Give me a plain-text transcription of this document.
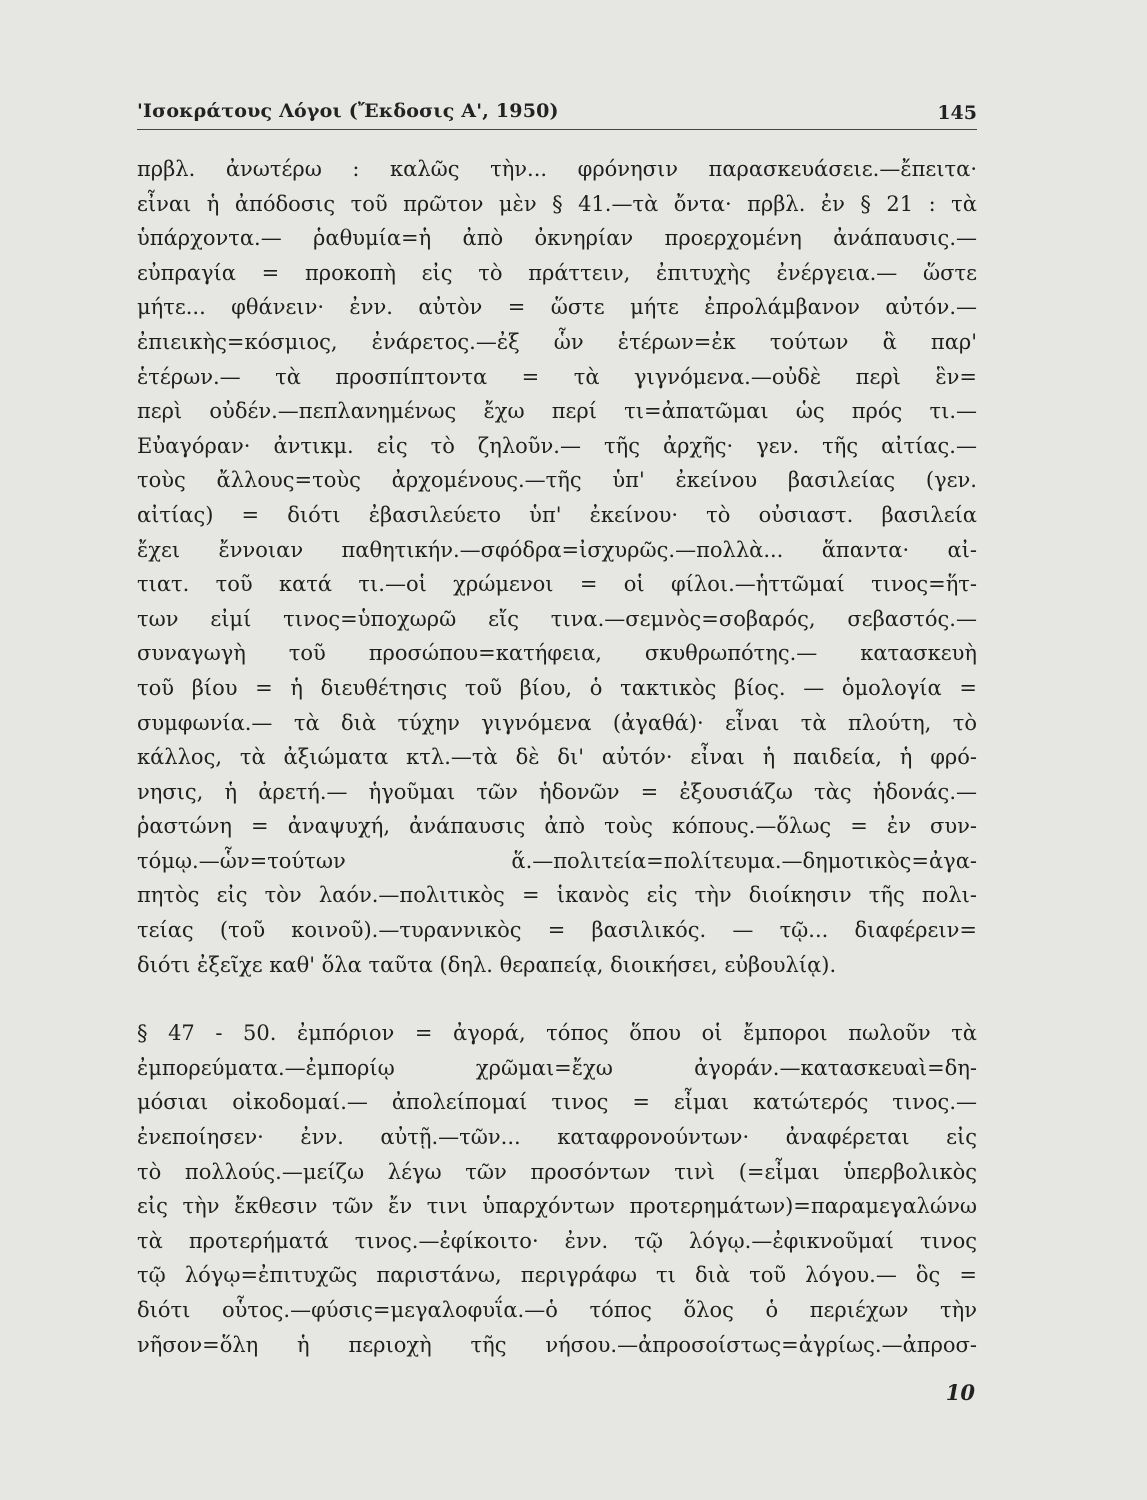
'Ισοκράτους Λόγοι (Ἔκδοσις Α', 1950)	145
πρβλ. ἀνωτέρω : καλῶς τὴν... φρόνησιν παρασκευάσειε.—ἔπειτα·
εἶναι ἡ ἀπόδοσις τοῦ πρῶτον μὲν § 41.—τὰ ὄντα· πρβλ. ἐν § 21 : τὰ
ὑπάρχοντα.— ῥαθυμία=ἡ ἀπὸ ὀκνηρίαν προερχομένη ἀνάπαυσις.—
εὐπραγία = προκοπὴ εἰς τὸ πράττειν, ἐπιτυχὴς ἐνέργεια.— ὥστε
μήτε... φθάνειν· ἐνν. αὐτὸν = ὥστε μήτε ἐπρολάμβανον αὐτόν.—
ἐπιεικὴς=κόσμιος, ἐνάρετος.—ἐξ ὧν ἑτέρων=ἐκ τούτων ἃ παρ'
ἑτέρων.— τὰ προσπίπτοντα = τὰ γιγνόμενα.—οὐδὲ περὶ ἓν=
περὶ οὐδέν.—πεπλανημένως ἔχω περί τι=ἀπατῶμαι ὡς πρός τι.—
Εὐαγόραν· ἀντικμ. εἰς τὸ ζηλοῦν.— τῆς ἀρχῆς· γεν. τῆς αἰτίας.—
τοὺς ἄλλους=τοὺς ἀρχομένους.—τῆς ὑπ' ἐκείνου βασιλείας (γεν.
αἰτίας) = διότι ἐβασιλεύετο ὑπ' ἐκείνου· τὸ οὐσιαστ. βασιλεία
ἔχει ἔννοιαν παθητικήν.—σφόδρα=ἰσχυρῶς.—πολλὰ... ἅπαντα· αἰ-
τιατ. τοῦ κατά τι.—οἱ χρώμενοι = οἱ φίλοι.—ἡττῶμαί τινος=ἥτ-
των εἰμί τινος=ὑποχωρῶ εἴς τινα.—σεμνὸς=σοβαρός, σεβαστός.—
συναγωγὴ τοῦ προσώπου=κατήφεια, σκυθρωπότης.— κατασκευὴ
τοῦ βίου = ἡ διευθέτησις τοῦ βίου, ὁ τακτικὸς βίος. — ὁμολογία =
συμφωνία.— τὰ διὰ τύχην γιγνόμενα (ἀγαθά)· εἶναι τὰ πλούτη, τὸ
κάλλος, τὰ ἀξιώματα κτλ.—τὰ δὲ δι' αὐτόν· εἶναι ἡ παιδεία, ἡ φρό-
νησις, ἡ ἀρετή.— ἡγοῦμαι τῶν ἡδονῶν = ἐξουσιάζω τὰς ἡδονάς.—
ῥαστώνη = ἀναψυχή, ἀνάπαυσις ἀπὸ τοὺς κόπους.—ὅλως = ἐν συν-
τόμῳ.—ὧν=τούτων ἅ.—πολιτεία=πολίτευμα.—δημοτικὸς=ἀγα-
πητὸς εἰς τὸν λαόν.—πολιτικὸς = ἱκανὸς εἰς τὴν διοίκησιν τῆς πολι-
τείας (τοῦ κοινοῦ).—τυραννικὸς = βασιλικός. — τῷ... διαφέρειν=
διότι ἐξεῖχε καθ' ὅλα ταῦτα (δηλ. θεραπείᾳ, διοικήσει, εὐβουλίᾳ).
§ 47 - 50. ἐμπόριον = ἀγορά, τόπος ὅπου οἱ ἔμποροι πωλοῦν τὰ
ἐμπορεύματα.—ἐμπορίῳ χρῶμαι=ἔχω ἀγοράν.—κατασκευαὶ=δη-
μόσιαι οἰκοδομαί.— ἀπολείπομαί τινος = εἶμαι κατώτερός τινος.—
ἐνεποίησεν· ἐνν. αὐτῇ.—τῶν... καταφρονούντων· ἀναφέρεται εἰς
τὸ πολλούς.—μείζω λέγω τῶν προσόντων τινὶ (=εἶμαι ὑπερβολικὸς
εἰς τὴν ἔκθεσιν τῶν ἔν τινι ὑπαρχόντων προτερημάτων)=παραμεγαλώνω
τὰ προτερήματά τινος.—ἐφίκοιτο· ἐνν. τῷ λόγῳ.—ἐφικνοῦμαί τινος
τῷ λόγῳ=ἐπιτυχῶς παριστάνω, περιγράφω τι διὰ τοῦ λόγου.— ὃς =
διότι οὗτος.—φύσις=μεγαλοφυΐα.—ὁ τόπος ὅλος ὁ περιέχων τὴν
νῆσον=ὅλη ἡ περιοχὴ τῆς νήσου.—ἀπροσοίστως=ἀγρίως.—ἀπροσ-
10
